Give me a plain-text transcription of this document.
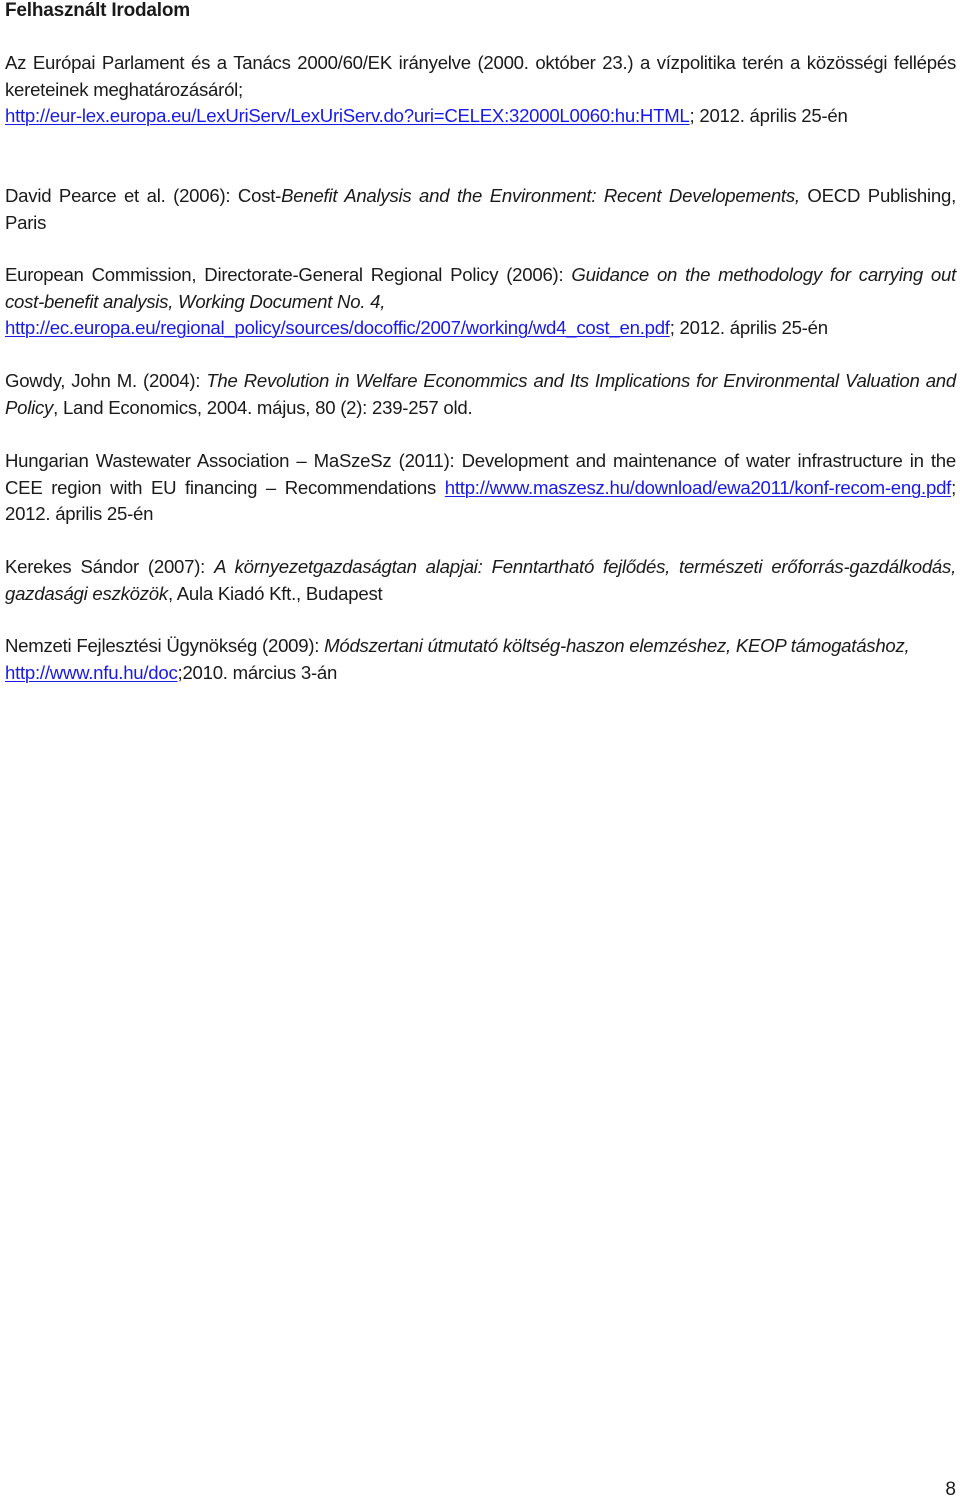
Felhasznált Irodalom
Az Európai Parlament és a Tanács 2000/60/EK irányelve (2000. október 23.) a vízpolitika terén a közösségi fellépés kereteinek meghatározásáról;
http://eur-lex.europa.eu/LexUriServ/LexUriServ.do?uri=CELEX:32000L0060:hu:HTML; 2012. április 25-én
David Pearce et al. (2006): Cost-Benefit Analysis and the Environment: Recent Developements, OECD Publishing, Paris
European Commission, Directorate-General Regional Policy (2006): Guidance on the methodology for carrying out cost-benefit analysis, Working Document No. 4,
http://ec.europa.eu/regional_policy/sources/docoffic/2007/working/wd4_cost_en.pdf; 2012. április 25-én
Gowdy, John M. (2004): The Revolution in Welfare Econommics and Its Implications for Environmental Valuation and Policy, Land Economics, 2004. május, 80 (2): 239-257 old.
Hungarian Wastewater Association – MaSzeSz (2011): Development and maintenance of water infrastructure in the CEE region with EU financing – Recommendations http://www.maszesz.hu/download/ewa2011/konf-recom-eng.pdf; 2012. április 25-én
Kerekes Sándor (2007): A környezetgazdaságtan alapjai: Fenntartható fejlődés, természeti erőforrás-gazdálkodás, gazdasági eszközök, Aula Kiadó Kft., Budapest
Nemzeti Fejlesztési Ügynökség (2009): Módszertani útmutató költség-haszon elemzéshez, KEOP támogatáshoz,
http://www.nfu.hu/doc;2010. március 3-án
8
